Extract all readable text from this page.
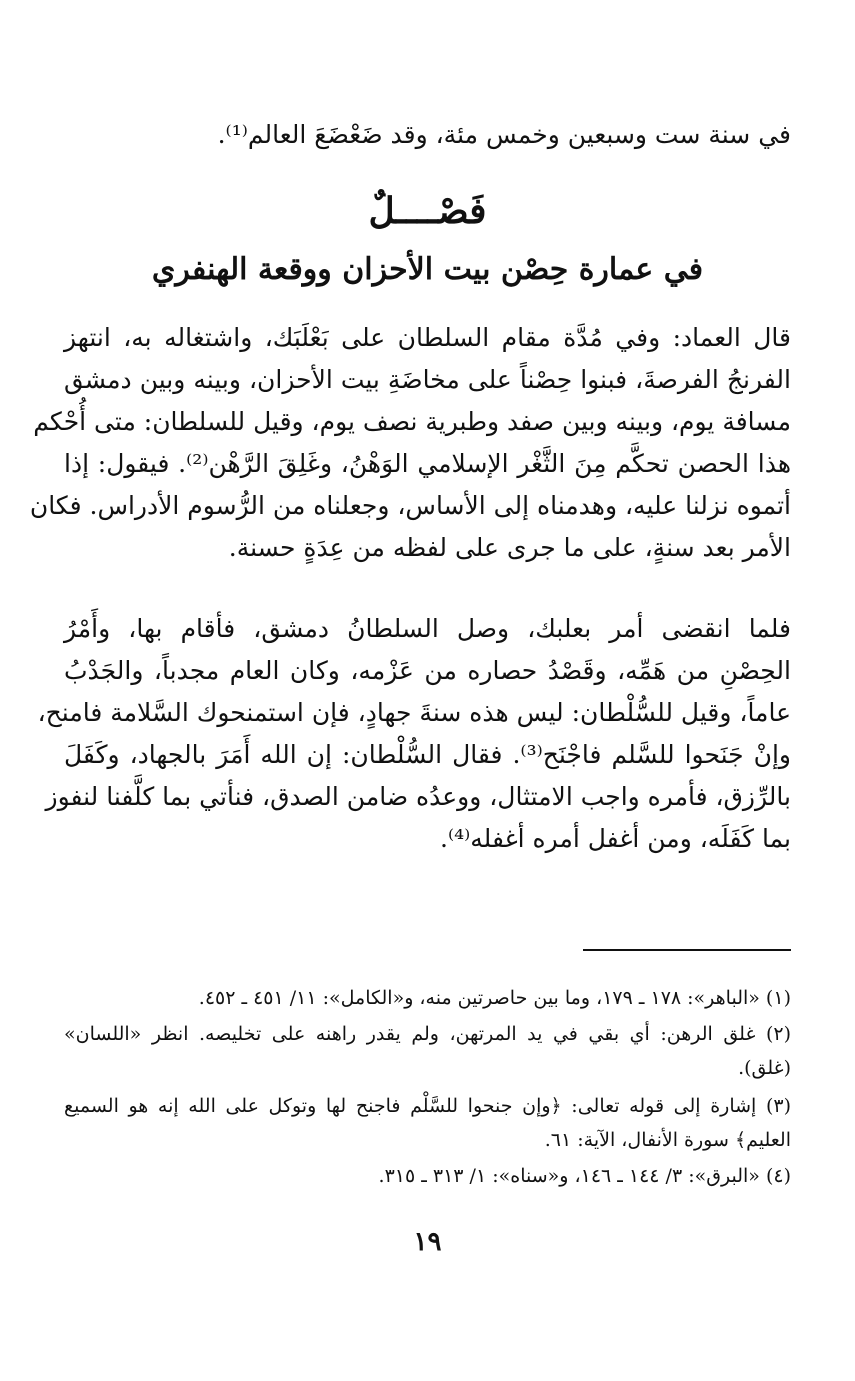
في سنة ست وسبعين وخمس مئة، وقد ضَعْضَعَ العالم⁽¹⁾.
فَصْــــلٌ
في عمارة حِصْن بيت الأحزان ووقعة الهنفري
قال العماد: وفي مُدَّة مقام السلطان على بَعْلَبَك، واشتغاله به، انتهز
الفرنجُ الفرصةَ، فبنوا حِصْناً على مخاضَةِ بيت الأحزان، وبينه وبين دمشق
مسافة يوم، وبينه وبين صفد وطبرية نصف يوم، وقيل للسلطان: متى أُحْكم
هذا الحصن تحكَّم مِنَ الثَّغْر الإسلامي الوَهْنُ، وغَلِقَ الرَّهْن⁽²⁾. فيقول: إذا
أتموه نزلنا عليه، وهدمناه إلى الأساس، وجعلناه من الرُّسوم الأدراس. فكان
الأمر بعد سنةٍ، على ما جرى على لفظه من عِدَةٍ حسنة.
فلما انقضى أمر بعلبك، وصل السلطانُ دمشق، فأقام بها، وأَمْرُ
الحِصْنِ من هَمِّه، وقَصْدُ حصاره من عَزْمه، وكان العام مجدباً، والجَدْبُ
عاماً، وقيل للسُّلْطان: ليس هذه سنةَ جهادٍ، فإن استمنحوك السَّلامة فامنح،
وإنْ جَنَحوا للسَّلم فاجْنَح⁽³⁾. فقال السُّلْطان: إن الله أَمَرَ بالجهاد، وكَفَلَ
بالرِّزق، فأمره واجب الامتثال، ووعدُه ضامن الصدق، فنأتي بما كلَّفنا لنفوز
بما كَفَلَه، ومن أغفل أمره أغفله⁽⁴⁾.
(١) «الباهر»: ١٧٨ ـ ١٧٩، وما بين حاصرتين منه، و«الكامل»: ١١/ ٤٥١ ـ ٤٥٢.
(٢) غلق الرهن: أي بقي في يد المرتهن، ولم يقدر راهنه على تخليصه. انظر «اللسان»
(غلق).
(٣) إشارة إلى قوله تعالى: ﴿وإن جنحوا للسَّلْم فاجنح لها وتوكل على الله إنه هو السميع
العليم﴾ سورة الأنفال، الآية: ٦١.
(٤) «البرق»: ٣/ ١٤٤ ـ ١٤٦، و«سناه»: ١/ ٣١٣ ـ ٣١٥.
١٩
